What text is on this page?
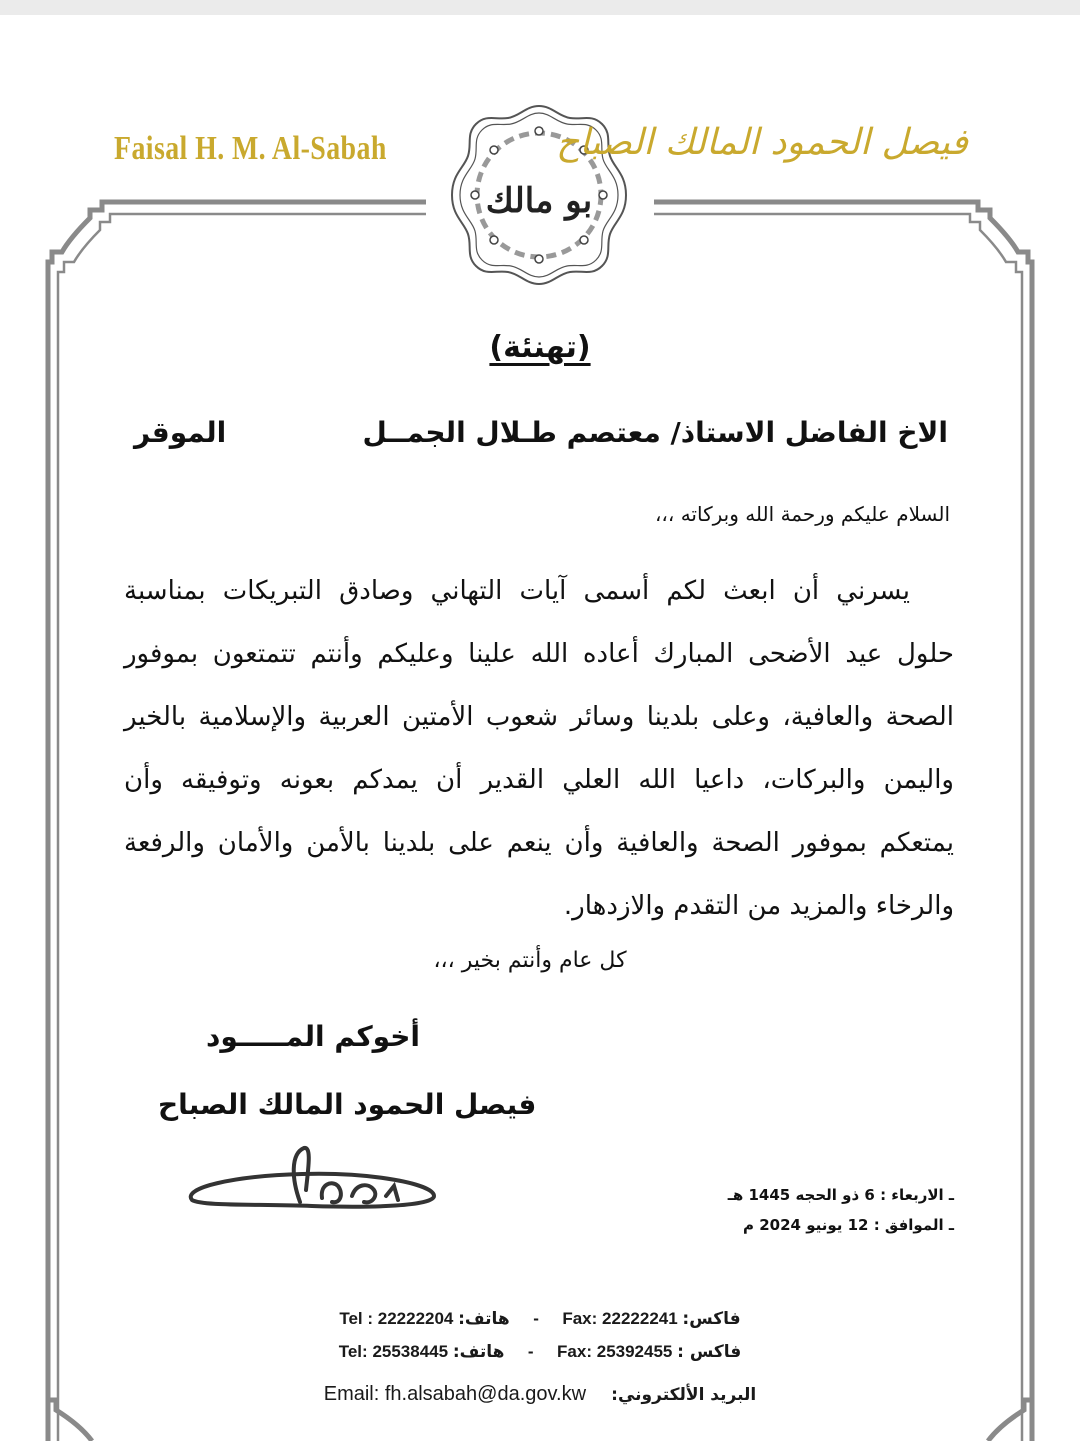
Faisal H. M. Al-Sabah
بو مالك
فيصل الحمود المالك الصباح
(تهنئة)
الاخ الفاضل الاستاذ/ معتصم طـلال الجمــل
الموقر
السلام عليكم ورحمة الله وبركاته ،،،
يسرني أن ابعث لكم أسمى آيات التهاني وصادق التبريكات بمناسبة
حلول عيد الأضحى المبارك أعاده الله علينا وعليكم وأنتم تتمتعون بموفور
الصحة والعافية، وعلى بلدينا وسائر شعوب الأمتين العربية والإسلامية بالخير
واليمن والبركات، داعيا الله العلي القدير أن يمدكم بعونه وتوفيقه وأن
يمتعكم بموفور الصحة والعافية وأن ينعم على بلدينا بالأمن والأمان والرفعة
والرخاء والمزيد من التقدم والازدهار.
كل عام وأنتم بخير ،،،
أخوكم المـــــود
فيصل الحمود المالك الصباح
ـ الاربعاء : 6 ذو الحجه 1445 هـ
ـ الموافق : 12 يونيو 2024 م
Tel : 22222204 هاتف: - Fax: 22222241 فاكس:
Tel: 25538445 هاتف: - Fax: 25392455 فاكس :
Email: fh.alsabah@da.gov.kw البريد الألكتروني:
